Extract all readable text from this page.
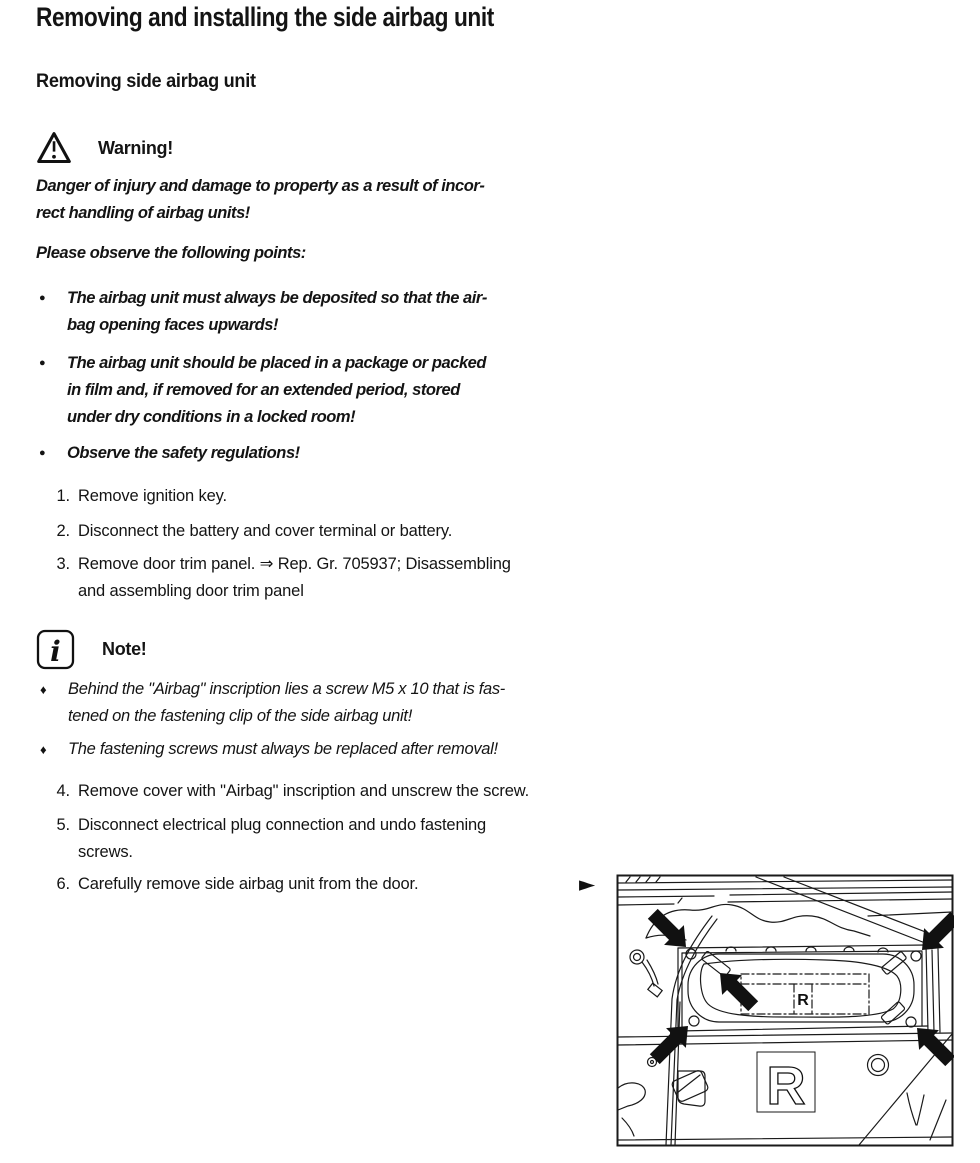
Removing and installing the side airbag unit
Removing side airbag unit
Warning!
Danger of injury and damage to property as a result of incor-
rect handling of airbag units!
Please observe the following points:
●	The airbag unit must always be deposited so that the air-
bag opening faces upwards!
●	The airbag unit should be placed in a package or packed
in film and, if removed for an extended period, stored
under dry conditions in a locked room!
●	Observe the safety regulations!
1. Remove ignition key.
2. Disconnect the battery and cover terminal or battery.
3. Remove door trim panel. ⇒ Rep. Gr. 705937; Disassembling
and assembling door trim panel
i Note!
♦	Behind the "Airbag" inscription lies a screw M5 x 10 that is fas-
tened on the fastening clip of the side airbag unit!
♦	The fastening screws must always be replaced after removal!
4. Remove cover with "Airbag" inscription and unscrew the screw.
5. Disconnect electrical plug connection and undo fastening
screws.
6. Carefully remove side airbag unit from the door.	►
R
R
